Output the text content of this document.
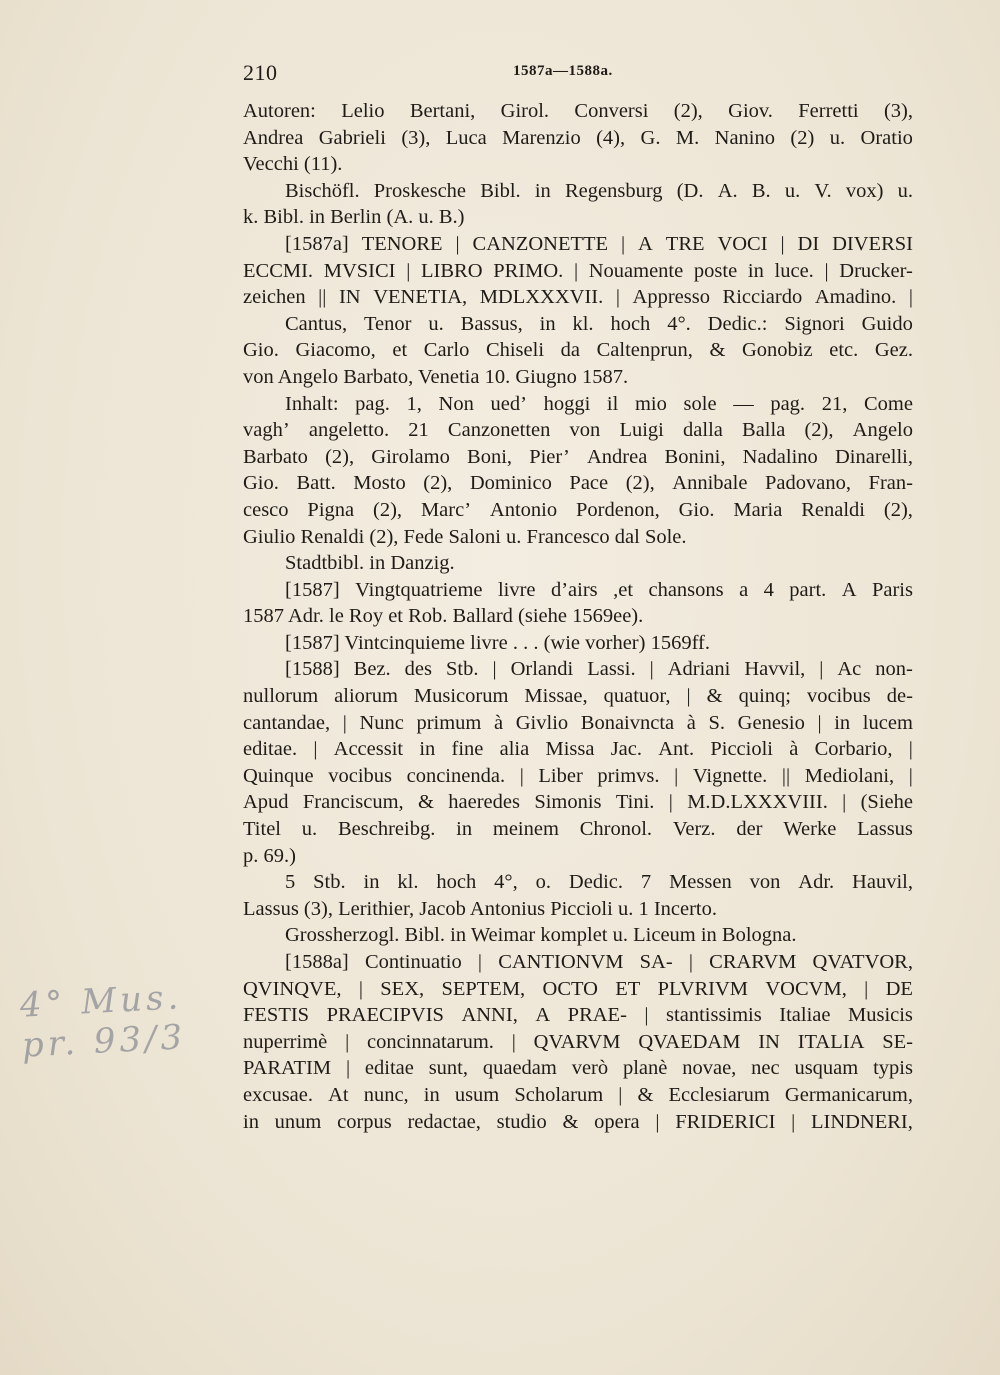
210	1587a—1588a.
Autoren: Lelio Bertani, Girol. Conversi (2), Giov. Ferretti (3),
Andrea Gabrieli (3), Luca Marenzio (4), G. M. Nanino (2) u. Oratio
Vecchi (11).
Bischöfl. Proskesche Bibl. in Regensburg (D. A. B. u. V. vox) u.
k. Bibl. in Berlin (A. u. B.)
[1587a] TENORE | CANZONETTE | A TRE VOCI | DI DIVERSI
ECCMI. MVSICI | LIBRO PRIMO. | Nouamente poste in luce. | Drucker-
zeichen || IN VENETIA, MDLXXXVII. | Appresso Ricciardo Amadino. |
Cantus, Tenor u. Bassus, in kl. hoch 4°. Dedic.: Signori Guido
Gio. Giacomo, et Carlo Chiseli da Caltenprun, & Gonobiz etc. Gez.
von Angelo Barbato, Venetia 10. Giugno 1587.
Inhalt: pag. 1, Non ued’ hoggi il mio sole — pag. 21, Come
vagh’ angeletto. 21 Canzonetten von Luigi dalla Balla (2), Angelo
Barbato (2), Girolamo Boni, Pier’ Andrea Bonini, Nadalino Dinarelli,
Gio. Batt. Mosto (2), Dominico Pace (2), Annibale Padovano, Fran-
cesco Pigna (2), Marc’ Antonio Pordenon, Gio. Maria Renaldi (2),
Giulio Renaldi (2), Fede Saloni u. Francesco dal Sole.
Stadtbibl. in Danzig.
[1587] Vingtquatrieme livre d’airs ,et chansons a 4 part. A Paris
1587 Adr. le Roy et Rob. Ballard (siehe 1569ee).
[1587] Vintcinquieme livre . . . (wie vorher) 1569ff.
[1588] Bez. des Stb. | Orlandi Lassi. | Adriani Havvil, | Ac non-
nullorum aliorum Musicorum Missae, quatuor, | & quinq; vocibus de-
cantandae, | Nunc primum à Givlio Bonaivncta à S. Genesio | in lucem
editae. | Accessit in fine alia Missa Jac. Ant. Piccioli à Corbario, |
Quinque vocibus concinenda. | Liber primvs. | Vignette. || Mediolani, |
Apud Franciscum, & haeredes Simonis Tini. | M.D.LXXXVIII. | (Siehe
Titel u. Beschreibg. in meinem Chronol. Verz. der Werke Lassus
p. 69.)
5 Stb. in kl. hoch 4°, o. Dedic. 7 Messen von Adr. Hauvil,
Lassus (3), Lerithier, Jacob Antonius Piccioli u. 1 Incerto.
Grossherzogl. Bibl. in Weimar komplet u. Liceum in Bologna.
[1588a] Continuatio | CANTIONVM SA- | CRARVM QVATVOR,
QVINQVE, | SEX, SEPTEM, OCTO ET PLVRIVM VOCVM, | DE
FESTIS PRAECIPVIS ANNI, A PRAE- | stantissimis Italiae Musicis
nuperrimè | concinnatarum. | QVARVM QVAEDAM IN ITALIA SE-
PARATIM | editae sunt, quaedam verò planè novae, nec usquam typis
excusae. At nunc, in usum Scholarum | & Ecclesiarum Germanicarum,
in unum corpus redactae, studio & opera | FRIDERICI | LINDNERI,
4° Mus. pr. 93/3
